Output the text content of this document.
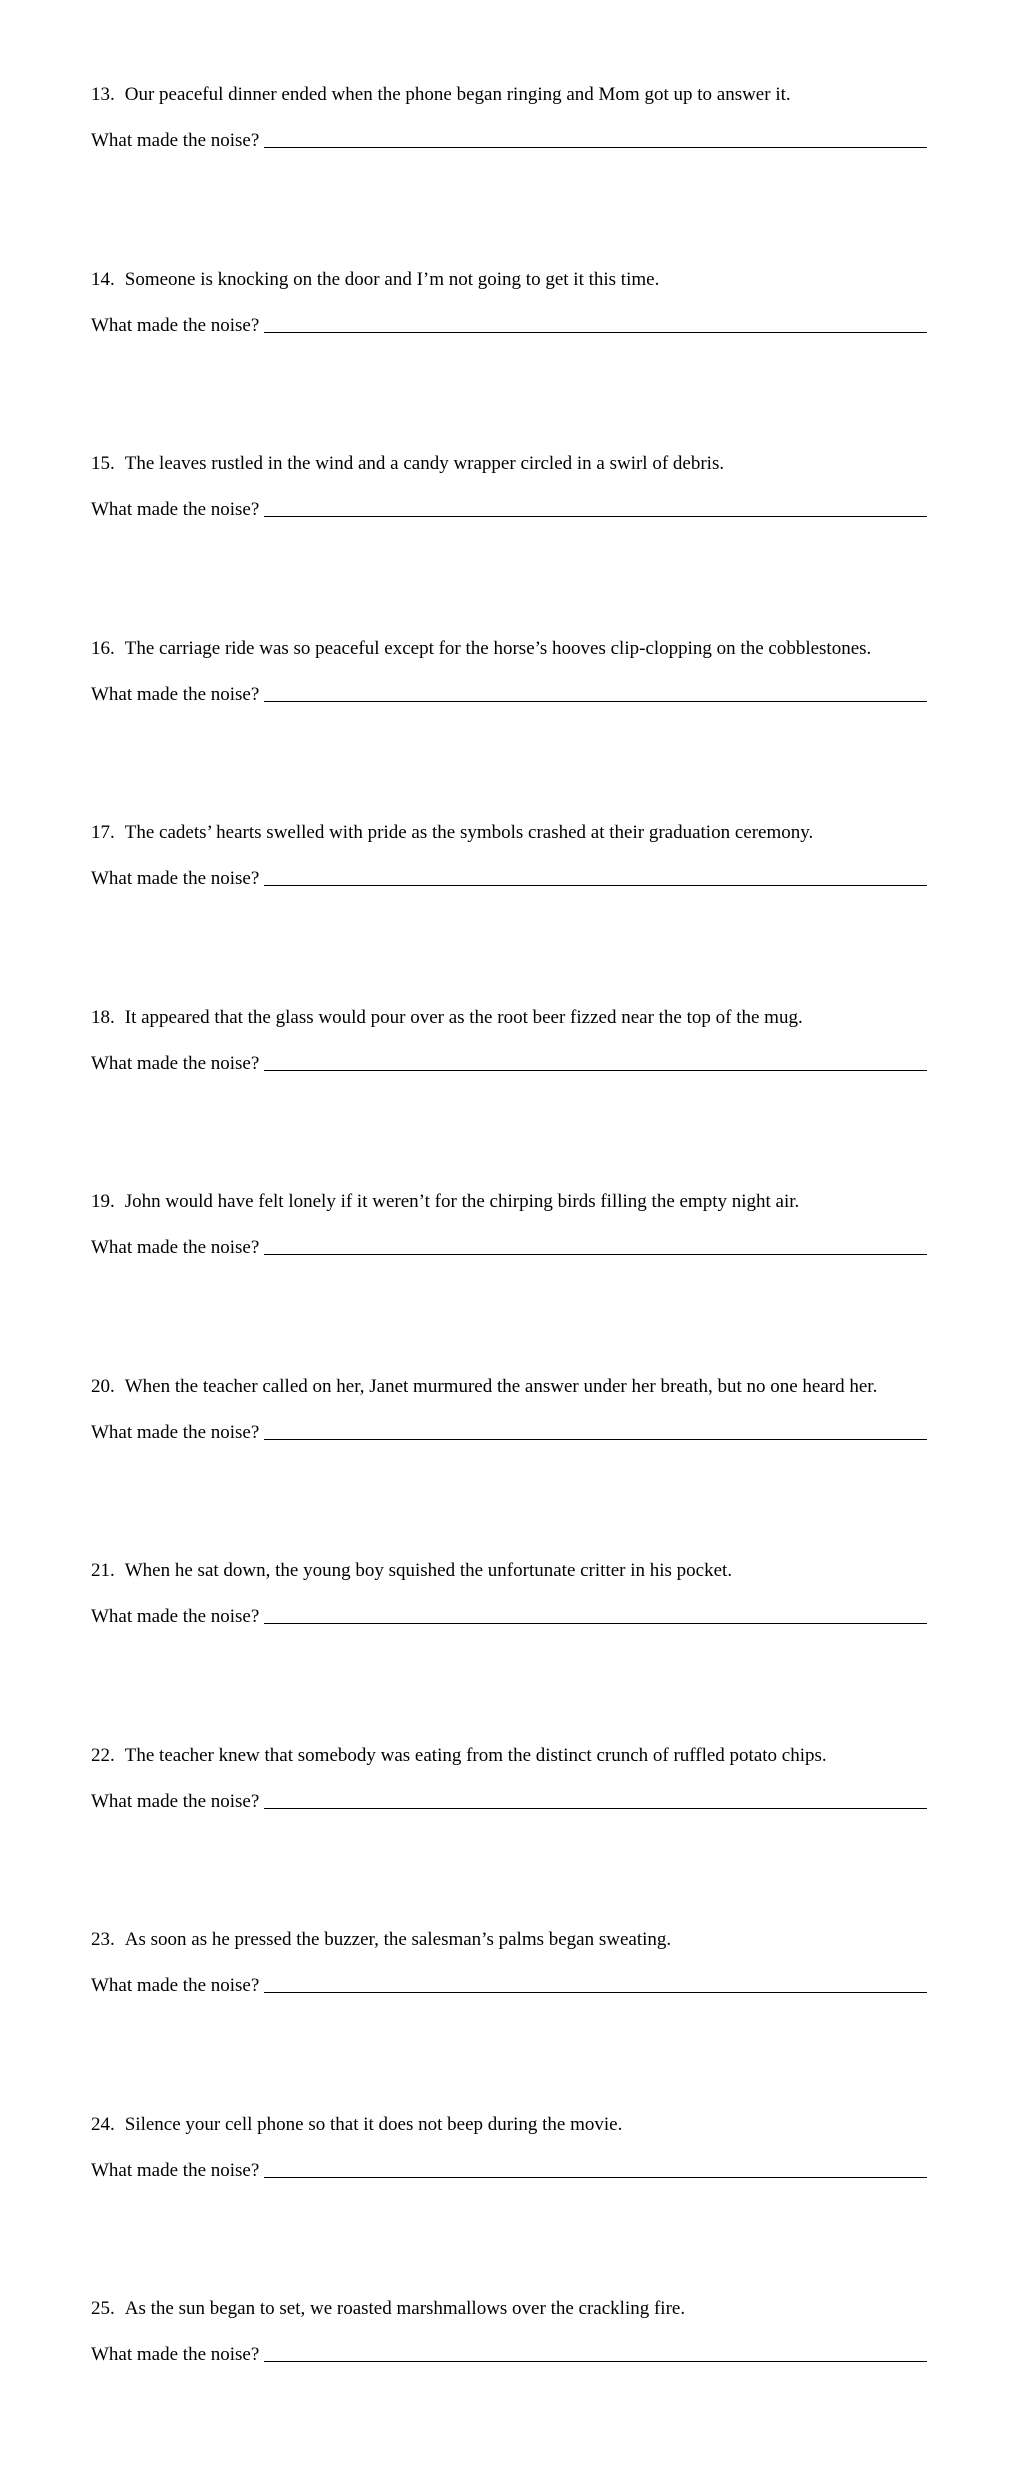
13. Our peaceful dinner ended when the phone began ringing and Mom got up to answer it.

What made the noise?

14. Someone is knocking on the door and I’m not going to get it this time.

What made the noise?

15. The leaves rustled in the wind and a candy wrapper circled in a swirl of debris.

What made the noise?

16. The carriage ride was so peaceful except for the horse’s hooves clip-clopping on the cobblestones.

What made the noise?

17. The cadets’ hearts swelled with pride as the symbols crashed at their graduation ceremony.

What made the noise?

18. It appeared that the glass would pour over as the root beer fizzed near the top of the mug.

What made the noise?

19. John would have felt lonely if it weren’t for the chirping birds filling the empty night air.

What made the noise?

20. When the teacher called on her, Janet murmured the answer under her breath, but no one heard her.

What made the noise?

21. When he sat down, the young boy squished the unfortunate critter in his pocket.

What made the noise?

22. The teacher knew that somebody was eating from the distinct crunch of ruffled potato chips.

What made the noise?

23. As soon as he pressed the buzzer, the salesman’s palms began sweating.

What made the noise?

24. Silence your cell phone so that it does not beep during the movie.

What made the noise?

25. As the sun began to set, we roasted marshmallows over the crackling fire.

What made the noise?
